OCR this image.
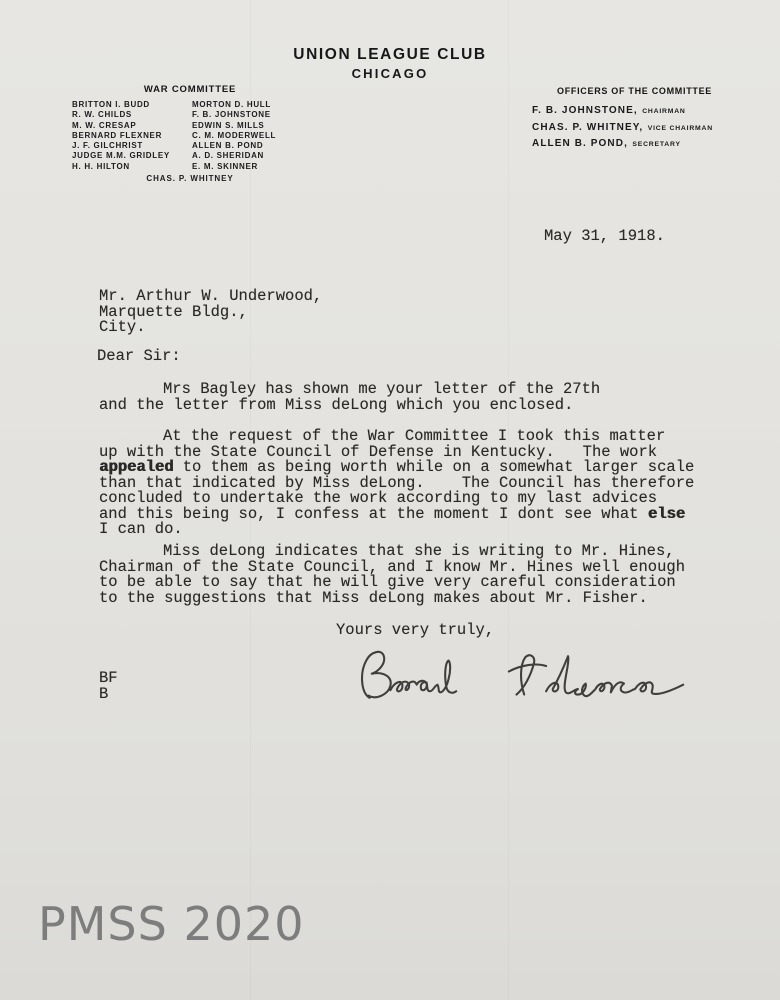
UNION LEAGUE CLUB
CHICAGO
WAR COMMITTEE
BRITTON I. BUDD
R. W. CHILDS
M. W. CRESAP
BERNARD FLEXNER
J. F. GILCHRIST
JUDGE M.M. GRIDLEY
H. H. HILTON
MORTON D. HULL
F. B. JOHNSTONE
EDWIN S. MILLS
C. M. MODERWELL
ALLEN B. POND
A. D. SHERIDAN
E. M. SKINNER
CHAS. P. WHITNEY
OFFICERS OF THE COMMITTEE
F. B. JOHNSTONE, CHAIRMAN
CHAS. P. WHITNEY, VICE CHAIRMAN
ALLEN B. POND, SECRETARY
May 31, 1918.
Mr. Arthur W. Underwood,
Marquette Bldg.,
City.
Dear Sir:
Mrs Bagley has shown me your letter of the 27th
and the letter from Miss deLong which you enclosed.
At the request of the War Committee I took this matter
up with the State Council of Defense in Kentucky.   The work
appealed to them as being worth while on a somewhat larger scale
than that indicated by Miss deLong.    The Council has therefore
concluded to undertake the work according to my last advices
and this being so, I confess at the moment I dont see what else
I can do.
Miss deLong indicates that she is writing to Mr. Hines,
Chairman of the State Council, and I know Mr. Hines well enough
to be able to say that he will give very careful consideration
to the suggestions that Miss deLong makes about Mr. Fisher.
Yours very truly,
BF
B
PMSS 2020
